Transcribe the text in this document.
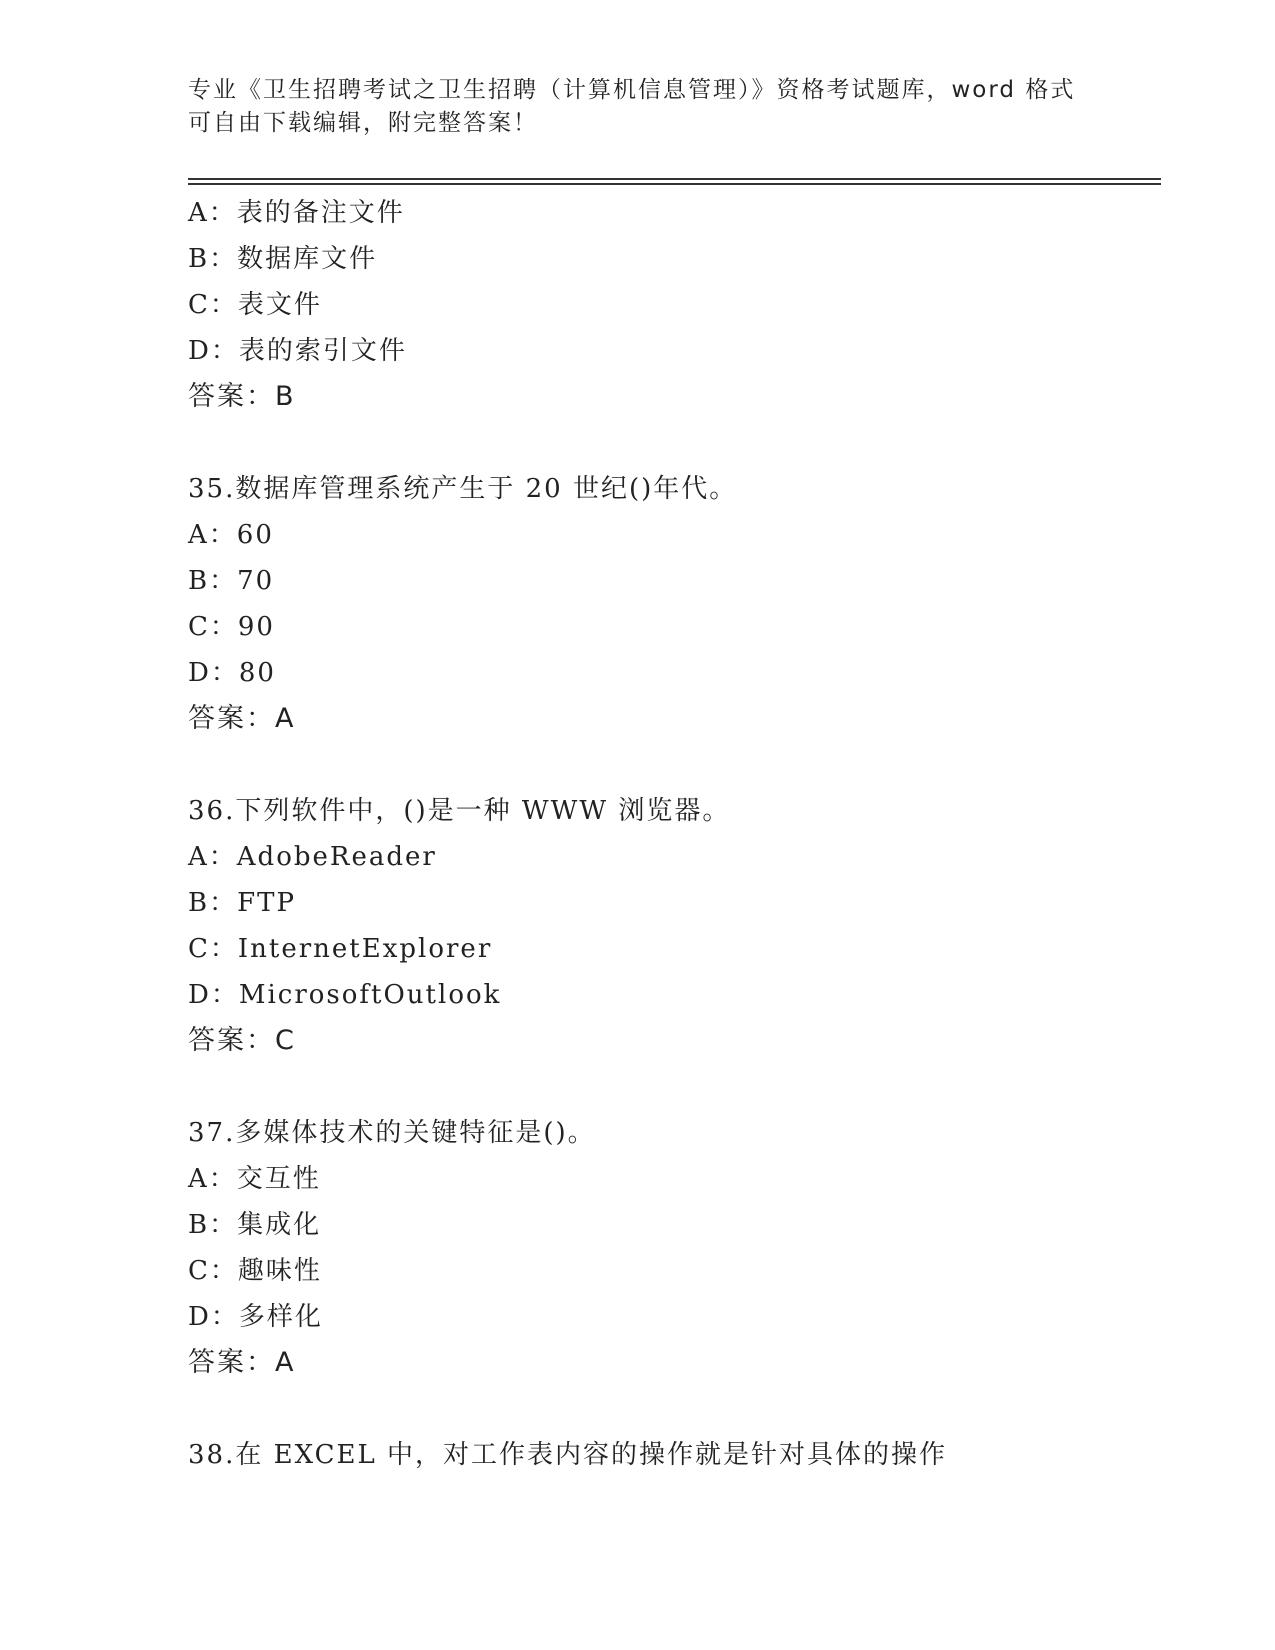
专业《卫生招聘考试之卫生招聘（计算机信息管理）》资格考试题库，word 格式
可自由下载编辑，附完整答案！
A：表的备注文件
B：数据库文件
C：表文件
D：表的索引文件
答案：B
35.数据库管理系统产生于 20 世纪()年代。
A：60
B：70
C：90
D：80
答案：A
36.下列软件中，()是一种 WWW 浏览器。
A：AdobeReader
B：FTP
C：InternetExplorer
D：MicrosoftOutlook
答案：C
37.多媒体技术的关键特征是()。
A：交互性
B：集成化
C：趣味性
D：多样化
答案：A
38.在 EXCEL 中，对工作表内容的操作就是针对具体的操作
